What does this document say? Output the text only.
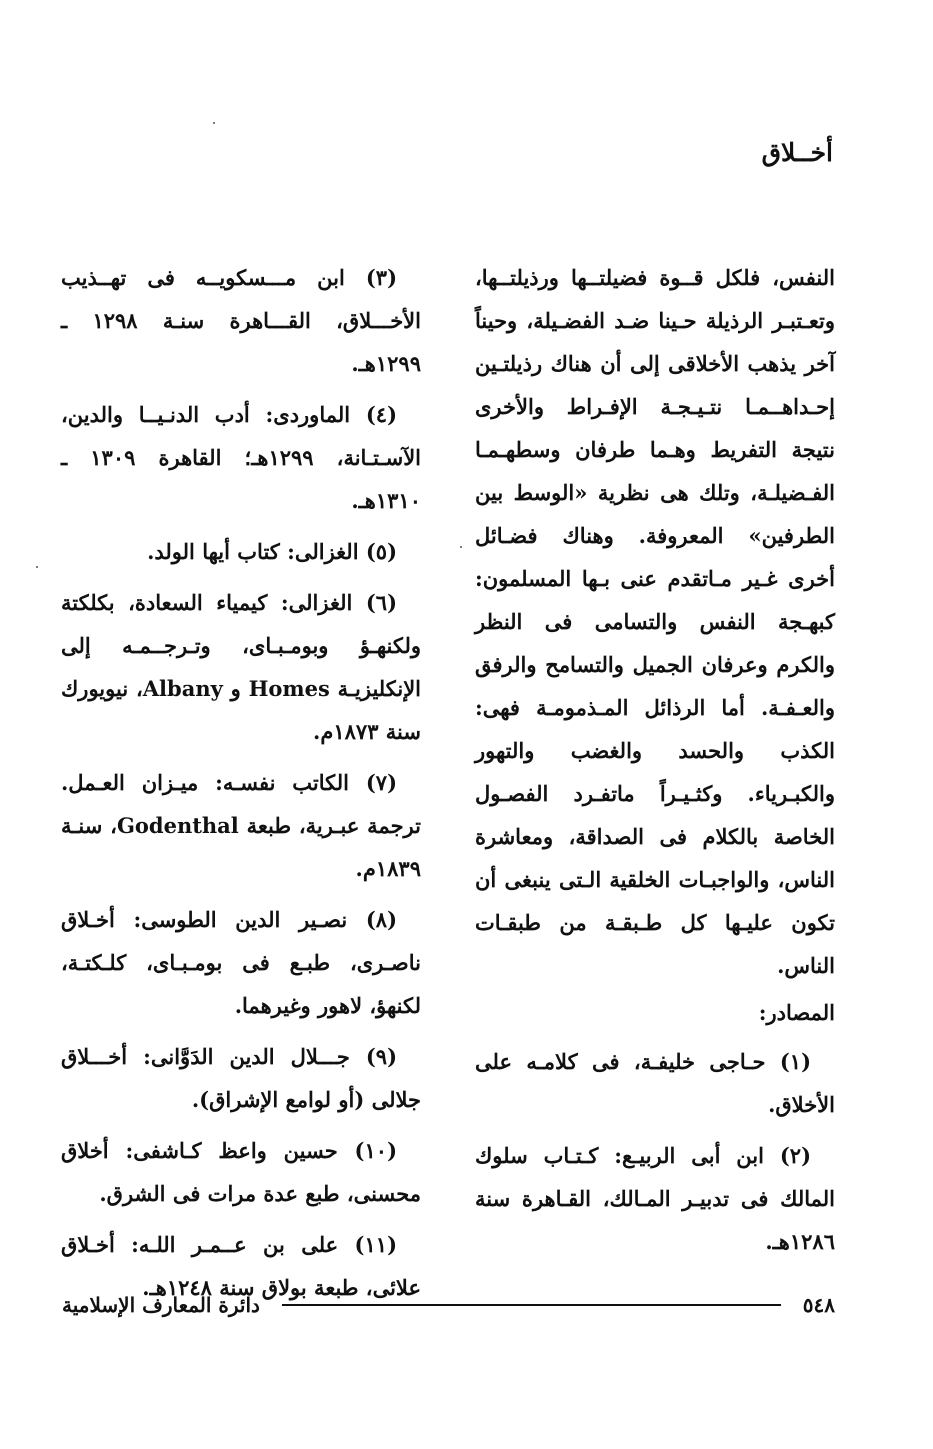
أخــلاق

النفس، فلكل قــوة فضيلتــها ورذيلتــها، وتعـتبـر الرذيلة حـينا ضـد الفضـيلة، وحيناً آخر يذهب الأخلاقى إلى أن هناك رذيلتـين إحـداهــمـا نتـيـجـة الإفـراط والأخرى نتيجة التفريط وهـما طرفان وسطهـمـا الفـضيلـة، وتلك هى نظرية «الوسط بين الطرفين» المعروفة. وهناك فضـائل أخرى غـير مـاتقدم عنى بـها المسلمون: كبهـجة النفس والتسامى فى النظر والكرم وعرفان الجميل والتسامح والرفق والعـفـة. أما الرذائل المـذمومـة فهى: الكذب والحسد والغضب والتهور والكبـرياء. وكثـيـراً ماتفـرد الفصـول الخاصة بالكلام فى الصداقة، ومعاشرة الناس، والواجبـات الخلقية الـتى ينبغى أن تكون عليـها كل طـبقـة من طبقـات الناس.

المصادر:

(١) حـاجى خليفـة، فى كلامـه على الأخلاق.

(٢) ابن أبى الربيـع: كـتـاب سلوك المالك فى تدبيـر المـالك، القـاهرة سنة ١٢٨٦هـ.

(٣) ابن مـــسكويــه فى تهــذيب الأخـــلاق، القـــاهرة سنـة ١٢٩٨ ـ ١٢٩٩هـ.

(٤) الماوردى: أدب الدنـيــا والدين، الآسـتـانة، ١٢٩٩هـ؛ القاهرة ١٣٠٩ ـ ١٣١٠هـ.

(٥) الغزالى: كتاب أيها الولد.

(٦) الغزالى: كيمياء السعادة، بكلكتة ولكنهـؤ وبومـبـاى، وتـرجــمـه إلى الإنكليزيـة Homes و Albany، نيويورك سنة ١٨٧٣م.

(٧) الكاتب نفسـه: ميـزان العـمل. ترجمة عبـرية، طبعة Godenthal، سنـة ١٨٣٩م.

(٨) نصـير الدين الطوسى: أخـلاق ناصـرى، طبـع فى بومـبـاى، كلـكتـة، لكنهؤ، لاهور وغيرهما.

(٩) جـــلال الدين الدَوَّانى: أخـــلاق جلالى (أو لوامع الإشراق).

(١٠) حسين واعظ كـاشفى: أخلاق محسنى، طبع عدة مرات فى الشرق.

(١١) على بن عــمـر اللـه: أخـلاق علائى، طبعة بولاق سنة ١٢٤٨هـ.

دائرة المعارف الإسلامية	٥٤٨
